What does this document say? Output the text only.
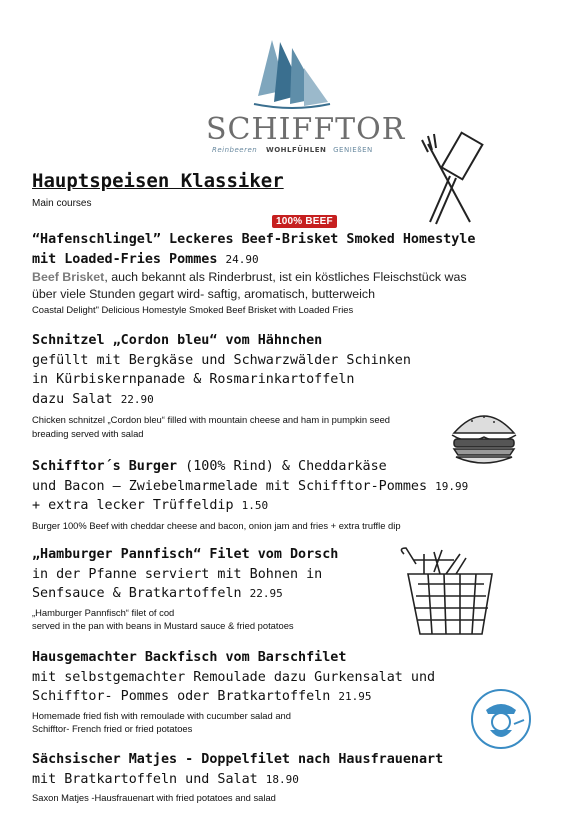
SCHIFFTOR
Reinbeeren WOHLFÜHLEN GENIEßEN
Hauptspeisen Klassiker
Main courses
100% BEEF
“Hafenschlingel” Leckeres Beef-Brisket Smoked Homestyle
mit Loaded-Fries Pommes 24.90
Beef Brisket, auch bekannt als Rinderbrust, ist ein köstliches Fleischstück was
über viele Stunden gegart wird- saftig, aromatisch, butterweich
Coastal Delight" Delicious Homestyle Smoked Beef Brisket with Loaded Fries
Schnitzel „Cordon bleu“ vom Hähnchen
gefüllt mit Bergkäse und Schwarzwälder Schinken
in Kürbiskernpanade & Rosmarinkartoffeln
dazu Salat 22.90
Chicken schnitzel „Cordon bleu“ filled with mountain cheese and ham in pumpkin seed
breading served with salad
Schifftor´s Burger (100% Rind) & Cheddarkäse
und Bacon – Zwiebelmarmelade mit Schifftor-Pommes 19.99
+ extra lecker Trüffeldip 1.50
Burger 100% Beef with cheddar cheese and bacon, onion jam and fries + extra truffle dip
„Hamburger Pannfisch“ Filet vom Dorsch
in der Pfanne serviert mit Bohnen in
Senfsauce & Bratkartoffeln 22.95
„Hamburger Pannfisch“ filet of cod
served in the pan with beans in Mustard sauce & fried potatoes
Hausgemachter Backfisch vom Barschfilet
mit selbstgemachter Remoulade dazu Gurkensalat und
Schifftor- Pommes oder Bratkartoffeln 21.95
Homemade fried fish with remoulade with cucumber salad and
Schifftor- French fried or fried potatoes
Sächsischer Matjes - Doppelfilet nach Hausfrauenart
mit Bratkartoffeln und Salat 18.90
Saxon Matjes -Hausfrauenart with fried potatoes and salad
